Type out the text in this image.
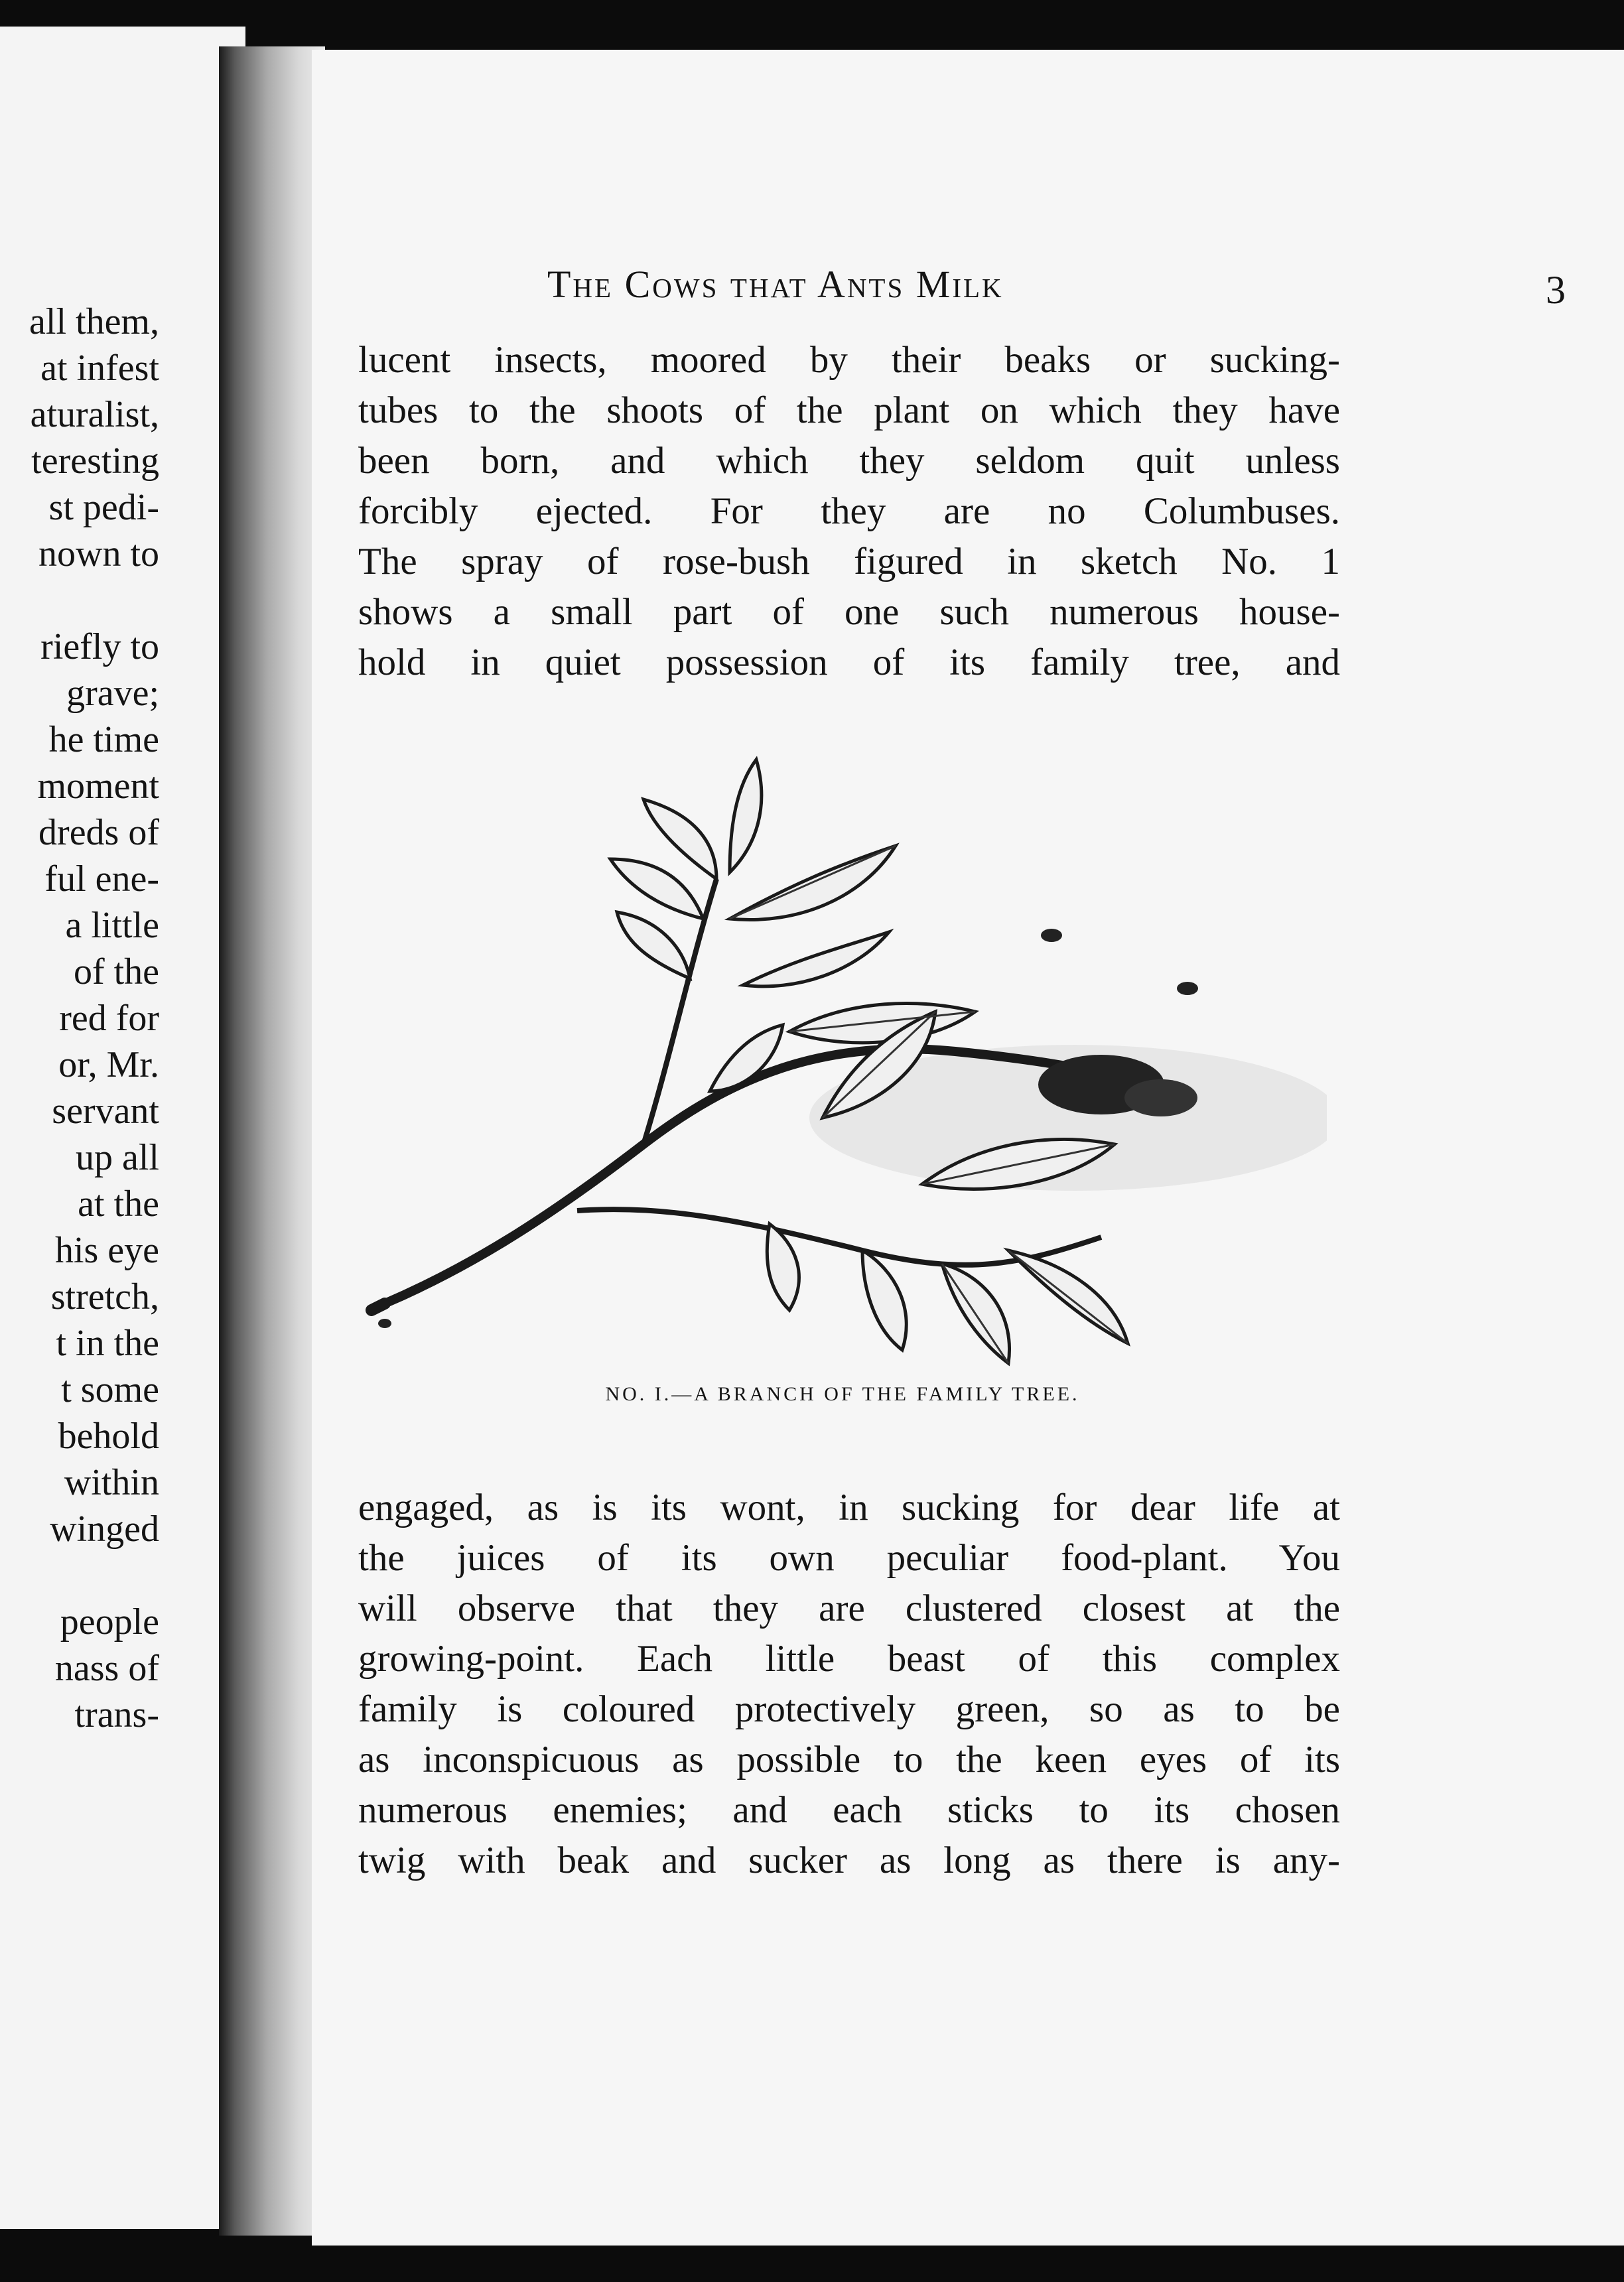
all them,
at infest
aturalist,
teresting
st pedi-
nown to
riefly to
grave;
he time
moment
dreds of
ful ene-
a little
of the
red for
or, Mr.
servant
up all
at the
his eye
stretch,
t in the
t some
behold
within
winged
people
nass of
trans-
The Cows that Ants Milk	3
lucent insects, moored by their beaks or sucking-
tubes to the shoots of the plant on which they have
been born, and which they seldom quit unless
forcibly ejected. For they are no Columbuses.
The spray of rose-bush figured in sketch No. 1
shows a small part of one such numerous house-
hold in quiet possession of its family tree, and
NO. I.—A BRANCH OF THE FAMILY TREE.
engaged, as is its wont, in sucking for dear life at
the juices of its own peculiar food-plant. You
will observe that they are clustered closest at the
growing-point. Each little beast of this complex
family is coloured protectively green, so as to be
as inconspicuous as possible to the keen eyes of its
numerous enemies; and each sticks to its chosen
twig with beak and sucker as long as there is any-
